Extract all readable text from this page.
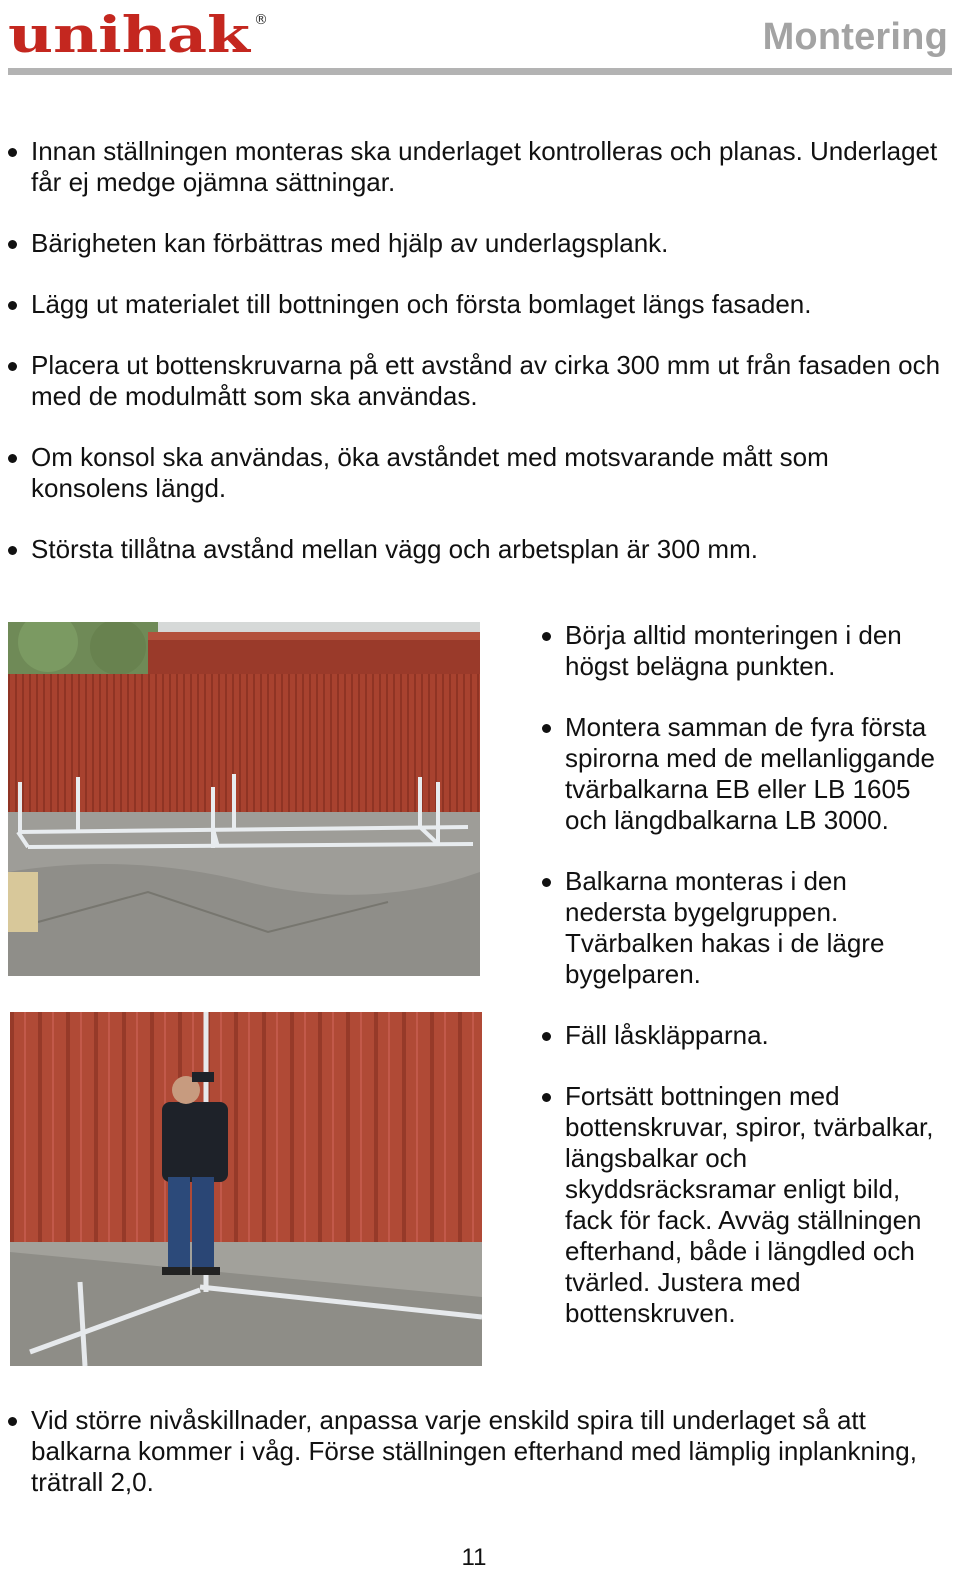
unihak ®	Montering
Innan ställningen monteras ska underlaget kontrolleras och planas. Underlaget får ej medge ojämna sättningar.
Bärigheten kan förbättras med hjälp av underlagsplank.
Lägg ut materialet till bottningen och första bomlaget längs fasaden.
Placera ut bottenskruvarna på ett avstånd av cirka 300 mm ut från fasaden och med de modulmått som ska användas.
Om konsol ska användas, öka avståndet med motsvarande mått som konsolens längd.
Största tillåtna avstånd mellan vägg och arbetsplan är 300 mm.
Börja alltid monteringen i den högst belägna punkten.
Montera samman de fyra första spirorna med de mellanliggande tvärbalkarna EB eller LB 1605 och längdbalkarna LB 3000.
Balkarna monteras i den nedersta bygelgruppen. Tvärbalken hakas i de lägre bygelparen.
Fäll låskläpparna.
Fortsätt bottningen med bottenskruvar, spiror, tvärbalkar, längsbalkar och skyddsräcksramar enligt bild, fack för fack. Avväg ställningen efterhand, både i längdled och tvärled. Justera med bottenskruven.
Vid större nivåskillnader, anpassa varje enskild spira till underlaget så att balkarna kommer i våg. Förse ställningen efterhand med lämplig inplankning, trätrall 2,0.
11
